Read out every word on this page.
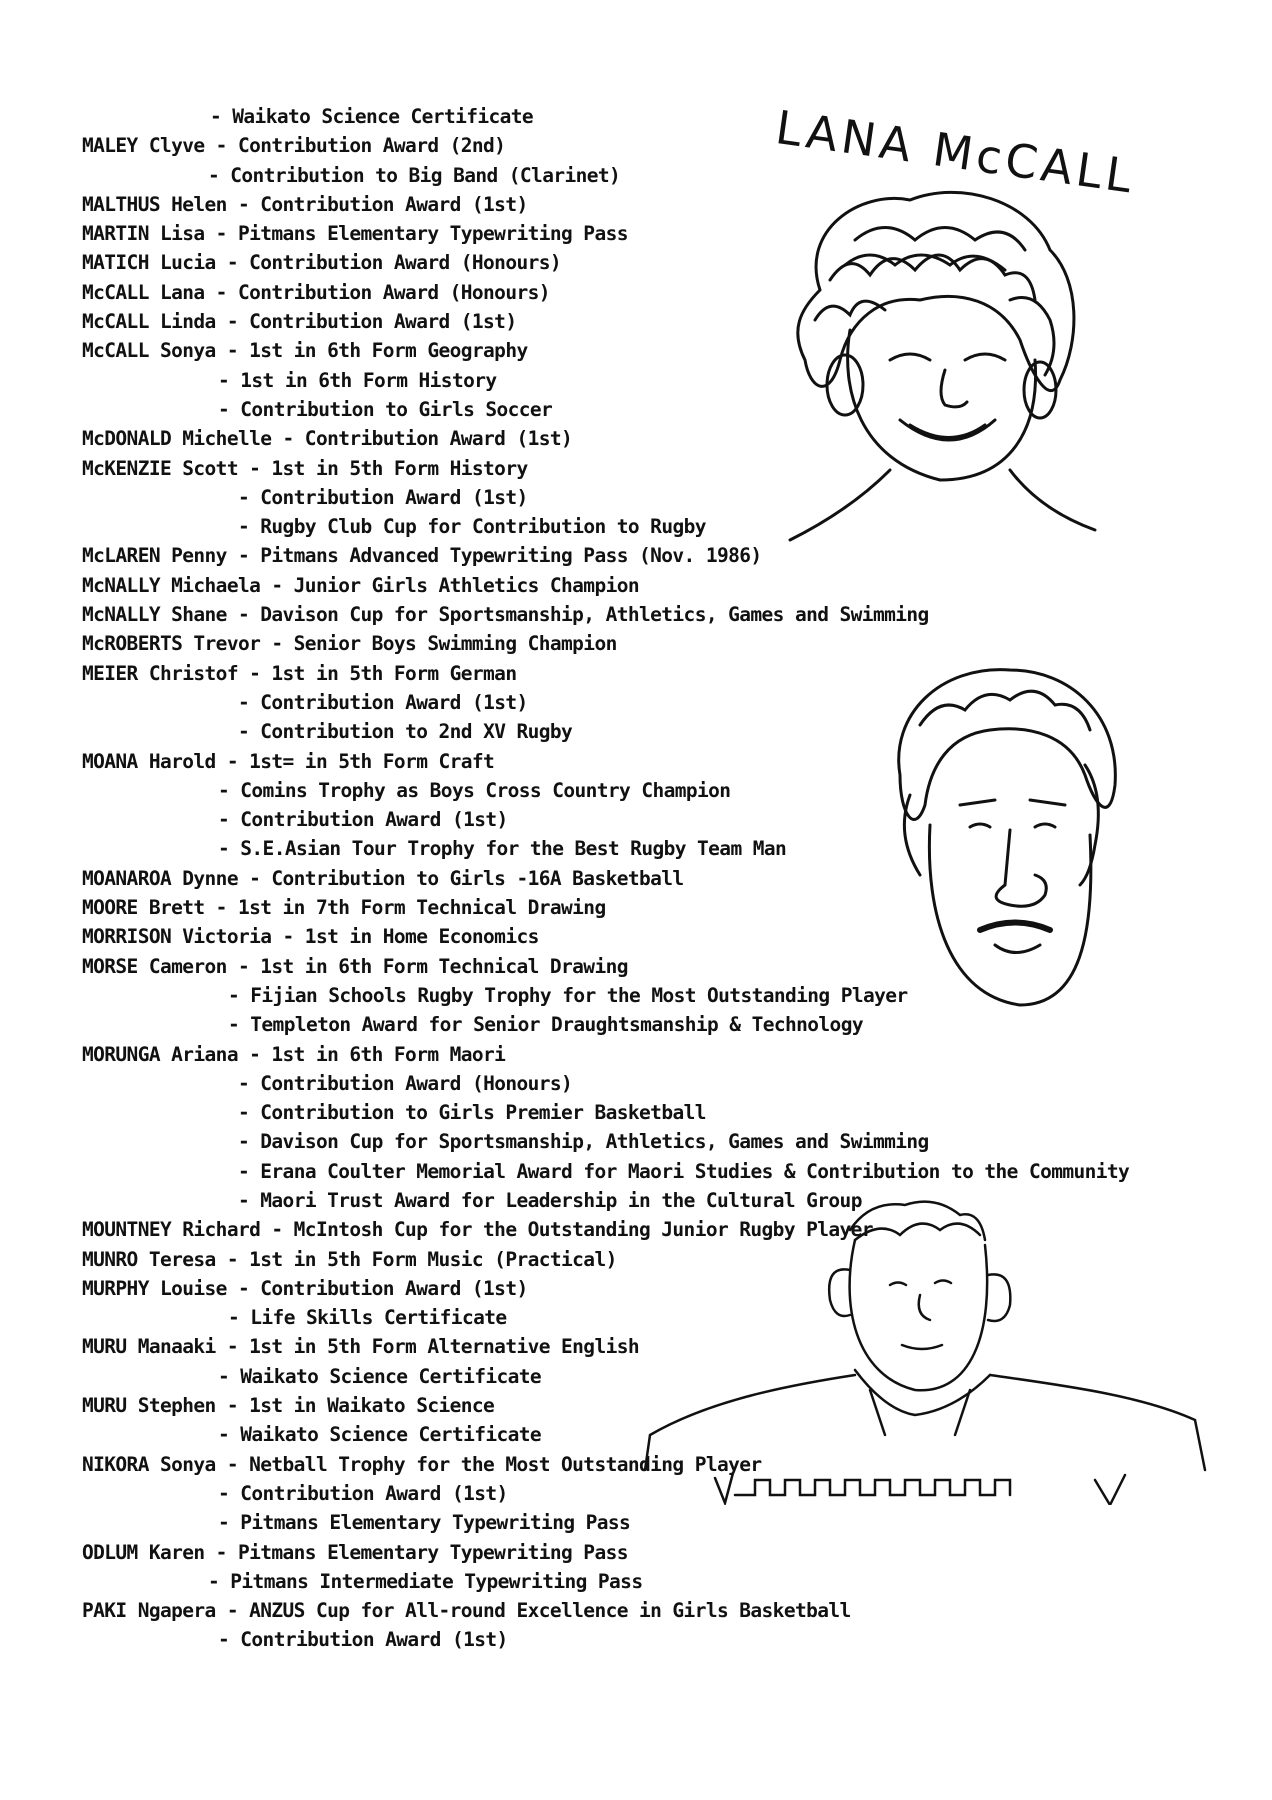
- Waikato Science Certificate
MALEY Clyve - Contribution Award (2nd)
- Contribution to Big Band (Clarinet)
MALTHUS Helen - Contribution Award (1st)
MARTIN Lisa - Pitmans Elementary Typewriting Pass
MATICH Lucia - Contribution Award (Honours)
McCALL Lana - Contribution Award (Honours)
McCALL Linda - Contribution Award (1st)
McCALL Sonya - 1st in 6th Form Geography
- 1st in 6th Form History
- Contribution to Girls Soccer
McDONALD Michelle - Contribution Award (1st)
McKENZIE Scott - 1st in 5th Form History
- Contribution Award (1st)
- Rugby Club Cup for Contribution to Rugby
McLAREN Penny - Pitmans Advanced Typewriting Pass (Nov. 1986)
McNALLY Michaela - Junior Girls Athletics Champion
McNALLY Shane - Davison Cup for Sportsmanship, Athletics, Games and Swimming
McROBERTS Trevor - Senior Boys Swimming Champion
MEIER Christof - 1st in 5th Form German
- Contribution Award (1st)
- Contribution to 2nd XV Rugby
MOANA Harold - 1st= in 5th Form Craft
- Comins Trophy as Boys Cross Country Champion
- Contribution Award (1st)
- S.E.Asian Tour Trophy for the Best Rugby Team Man
MOANAROA Dynne - Contribution to Girls -16A Basketball
MOORE Brett - 1st in 7th Form Technical Drawing
MORRISON Victoria - 1st in Home Economics
MORSE Cameron - 1st in 6th Form Technical Drawing
- Fijian Schools Rugby Trophy for the Most Outstanding Player
- Templeton Award for Senior Draughtsmanship & Technology
MORUNGA Ariana - 1st in 6th Form Maori
- Contribution Award (Honours)
- Contribution to Girls Premier Basketball
- Davison Cup for Sportsmanship, Athletics, Games and Swimming
- Erana Coulter Memorial Award for Maori Studies & Contribution to the Community
- Maori Trust Award for Leadership in the Cultural Group
MOUNTNEY Richard - McIntosh Cup for the Outstanding Junior Rugby Player
MUNRO Teresa - 1st in 5th Form Music (Practical)
MURPHY Louise - Contribution Award (1st)
- Life Skills Certificate
MURU Manaaki - 1st in 5th Form Alternative English
- Waikato Science Certificate
MURU Stephen - 1st in Waikato Science
- Waikato Science Certificate
NIKORA Sonya - Netball Trophy for the Most Outstanding Player
- Contribution Award (1st)
- Pitmans Elementary Typewriting Pass
ODLUM Karen - Pitmans Elementary Typewriting Pass
- Pitmans Intermediate Typewriting Pass
PAKI Ngapera - ANZUS Cup for All-round Excellence in Girls Basketball
- Contribution Award (1st)
LANA McCALL
